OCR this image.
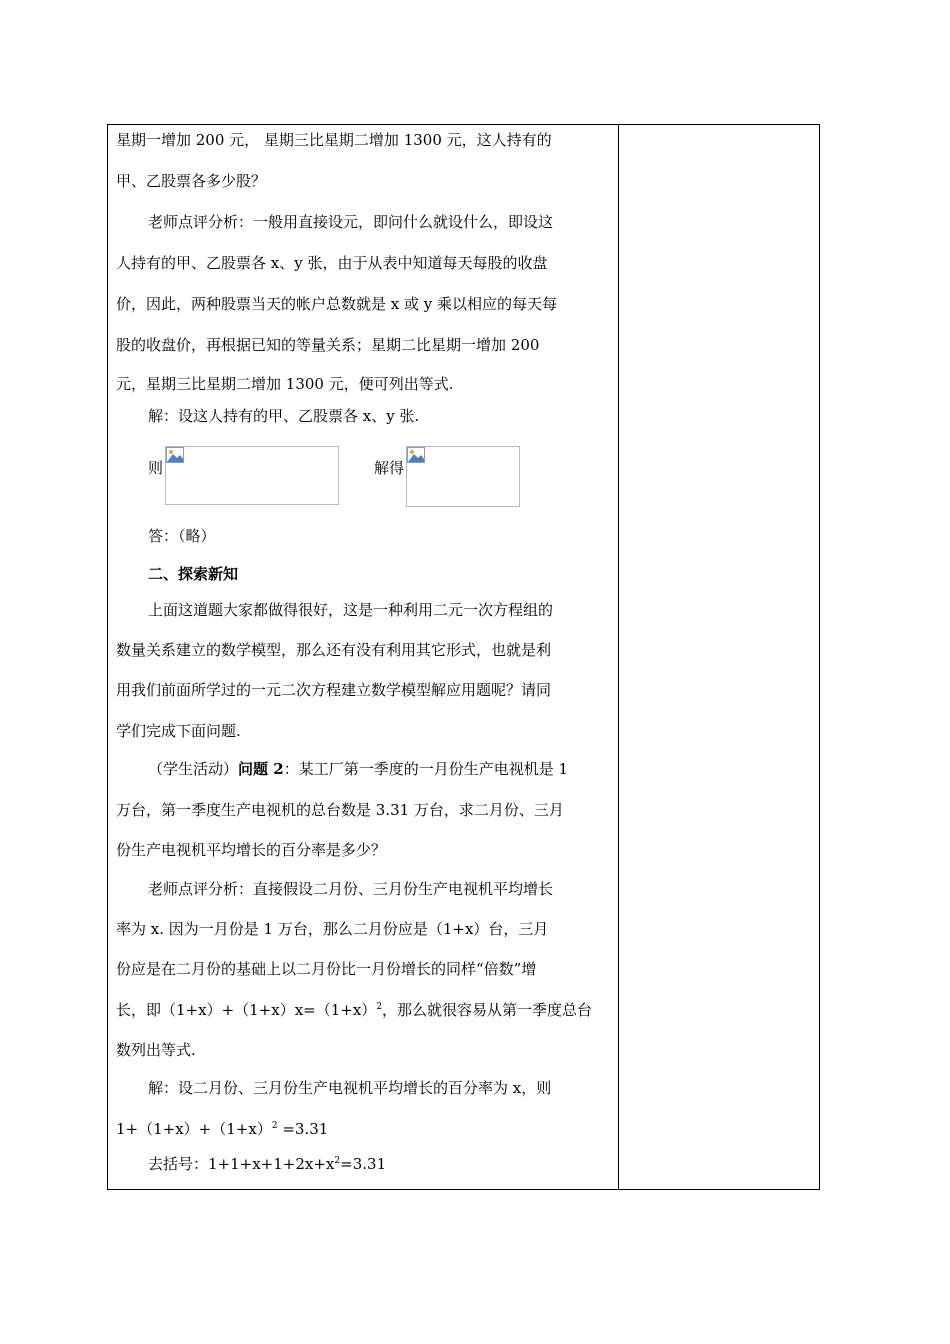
星期一增加 200 元， 星期三比星期二增加 1300 元，这人持有的
甲、乙股票各多少股？
老师点评分析：一般用直接设元，即问什么就设什么，即设这
人持有的甲、乙股票各 x、y 张，由于从表中知道每天每股的收盘
价，因此，两种股票当天的帐户总数就是 x 或 y 乘以相应的每天每
股的收盘价，再根据已知的等量关系；星期二比星期一增加 200
元，星期三比星期二增加 1300 元，便可列出等式.
解：设这人持有的甲、乙股票各 x、y 张.
则	解得
答：（略）
二、探索新知
上面这道题大家都做得很好，这是一种利用二元一次方程组的
数量关系建立的数学模型，那么还有没有利用其它形式，也就是利
用我们前面所学过的一元二次方程建立数学模型解应用题呢？请同
学们完成下面问题.
（学生活动）问题 2：某工厂第一季度的一月份生产电视机是 1
万台，第一季度生产电视机的总台数是 3.31 万台，求二月份、三月
份生产电视机平均增长的百分率是多少？
老师点评分析：直接假设二月份、三月份生产电视机平均增长
率为 x. 因为一月份是 1 万台，那么二月份应是（1+x）台，三月
份应是在二月份的基础上以二月份比一月份增长的同样“倍数”增
长，即$(1+x)+(1+x)x=(1+x)^2$，那么就很容易从第一季度总台
数列出等式.
解：设二月份、三月份生产电视机平均增长的百分率为 x，则
$1+(1+x)+(1+x)^2 =3.31$
去括号：$1+1+x+1+2x+x^2=3.31$
